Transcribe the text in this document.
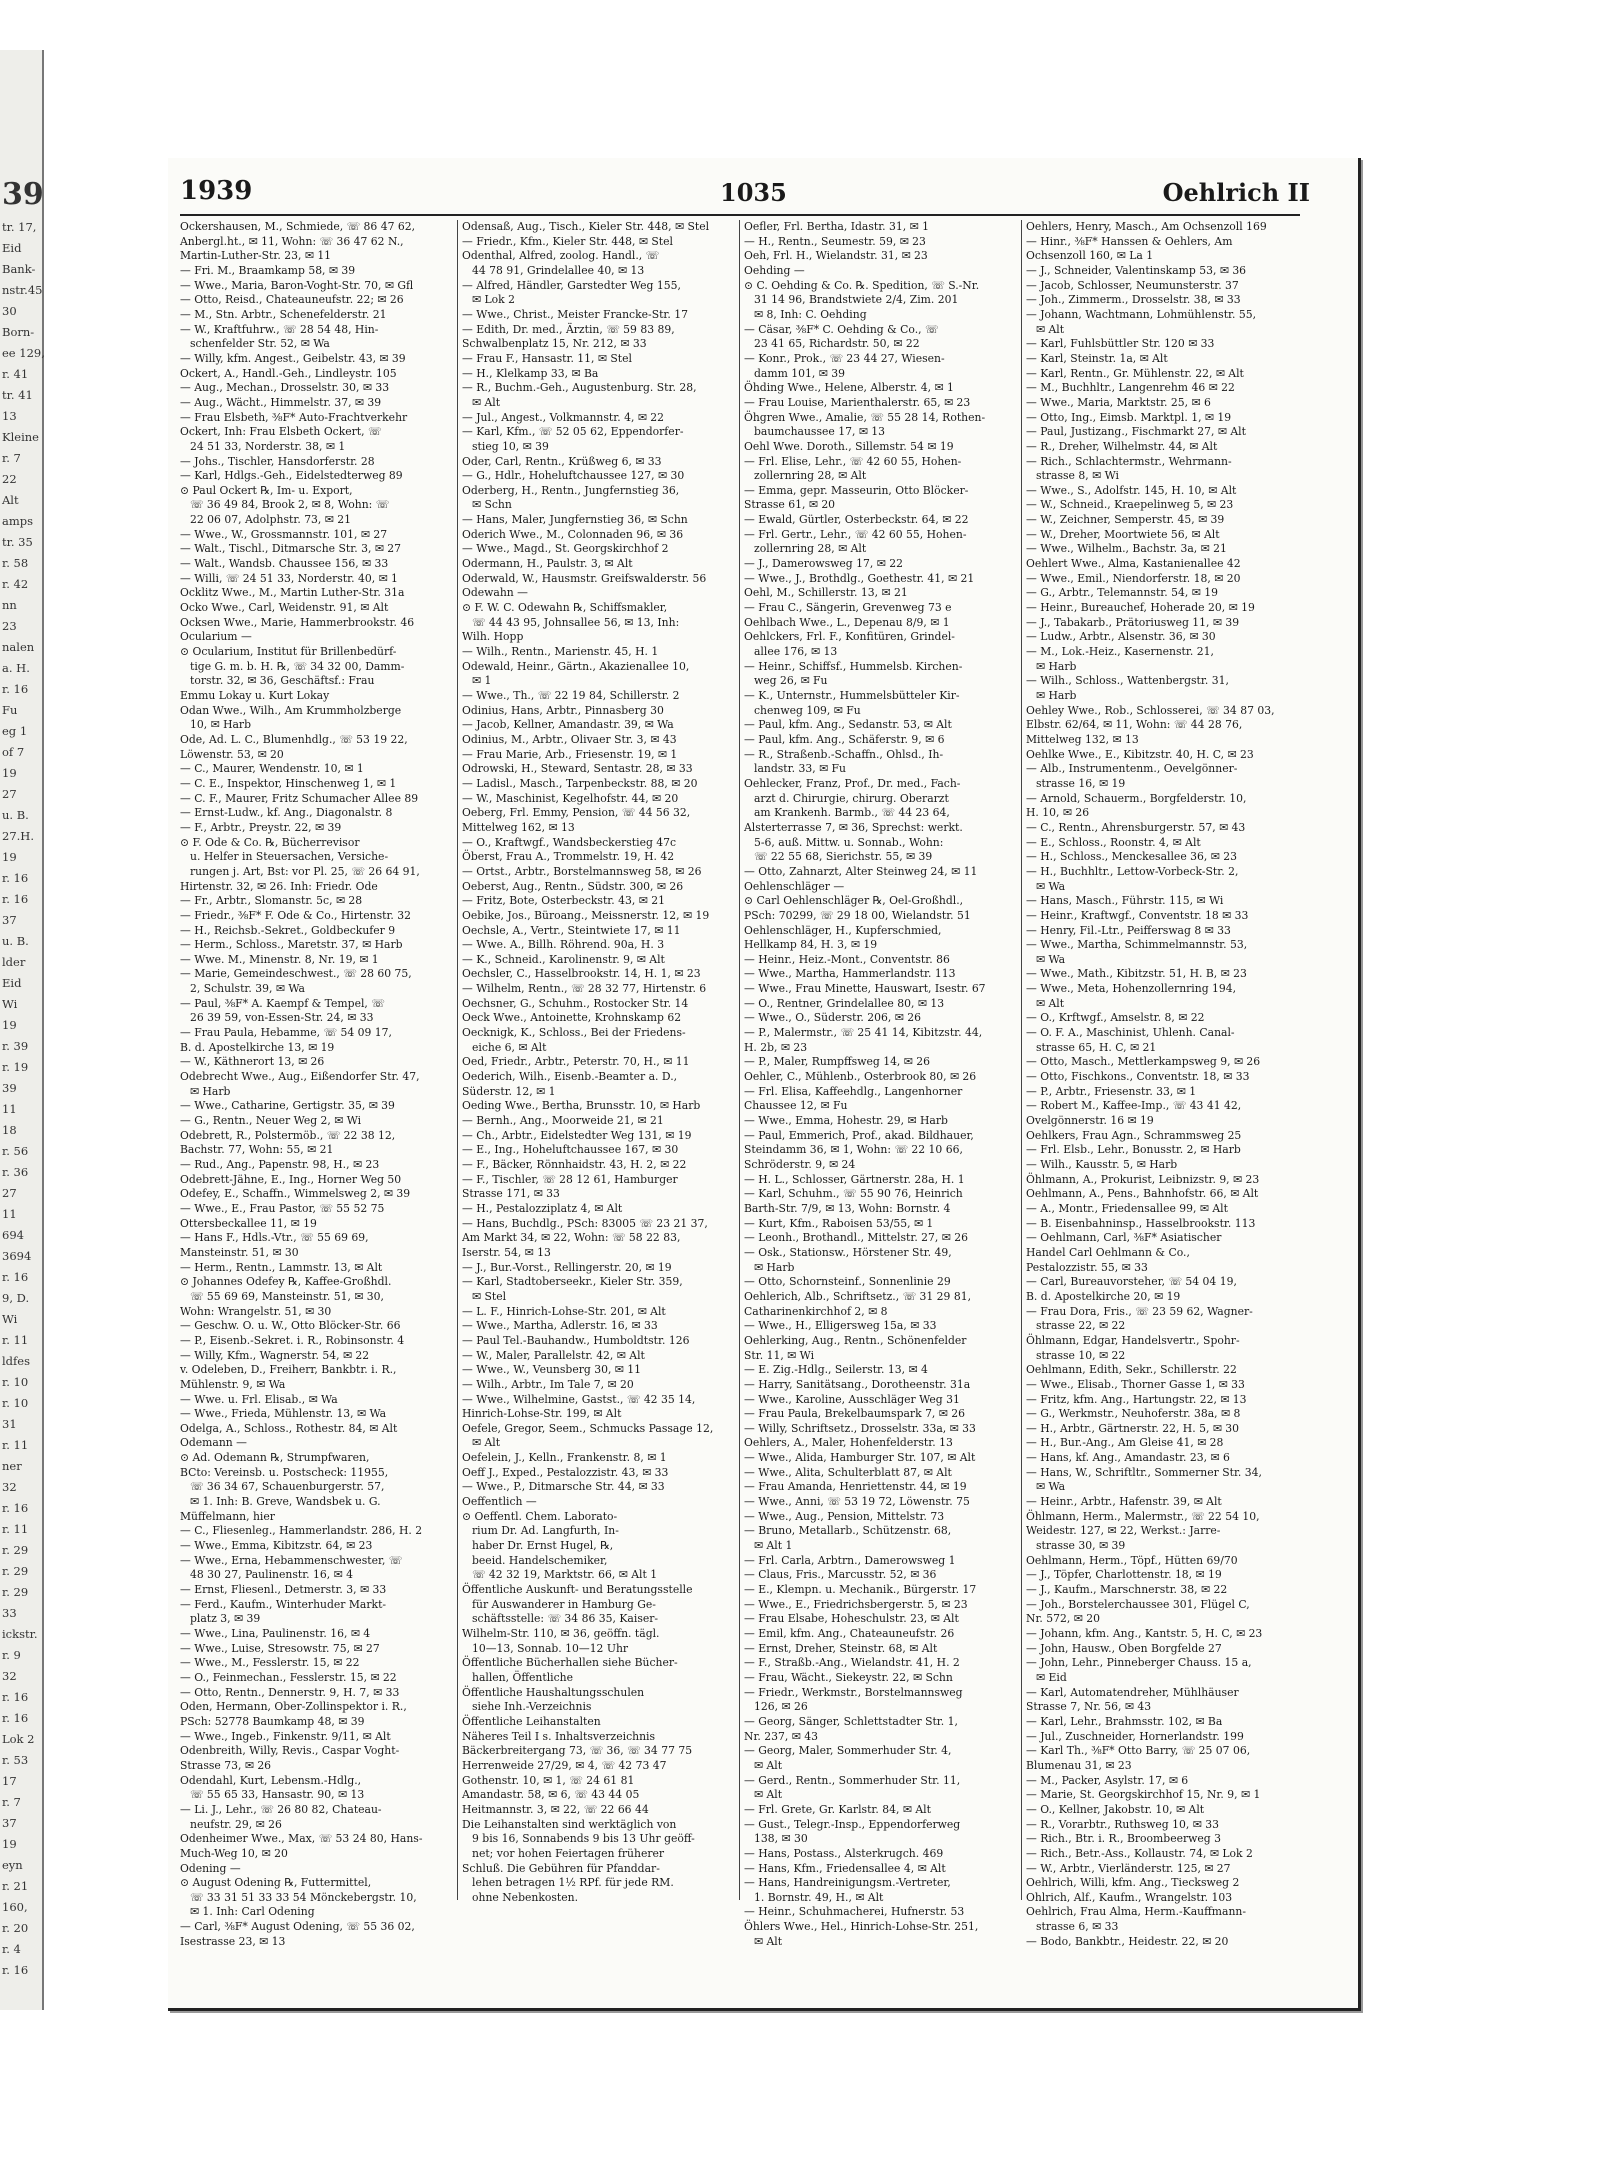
39
tr. 17,
Eid
Bank-
nstr.45
30
Born-
ee 129,
r. 41
tr. 41
13
Kleine
r. 7
22
Alt
amps
tr. 35
r. 58
r. 42
nn
23
nalen
a. H.
r. 16
Fu
eg 1
of 7
19
27
u. B.
27.H.
19
r. 16
r. 16
37
u. B.
lder
Eid
Wi
19
r. 39
r. 19
39
11
18
r. 56
r. 36
27
11
694
3694
r. 16
9, D.
Wi
r. 11
ldfes
r. 10
r. 10
31
r. 11
ner
32
r. 16
r. 11
r. 29
r. 29
r. 29
33
ickstr.
r. 9
32
r. 16
r. 16
Lok 2
r. 53
17
r. 7
37
19
eyn
r. 21
160,
r. 20
r. 4
r. 16
1939	1035	Oehlrich II

Ockershausen, M., Schmiede, ☏ 86 47 62,

Anbergl.ht., ✉ 11, Wohn: ☏ 36 47 62 N.,

Martin-Luther-Str. 23, ✉ 11

— Fri. M., Braamkamp 58, ✉ 39

— Wwe., Maria, Baron-Voght-Str. 70, ✉ Gfl

— Otto, Reisd., Chateauneufstr. 22; ✉ 26

— M., Stn. Arbtr., Schenefelderstr. 21

— W., Kraftfuhrw., ☏ 28 54 48, Hin-

schenfelder Str. 52, ✉ Wa

— Willy, kfm. Angest., Geibelstr. 43, ✉ 39

Ockert, A., Handl.-Geh., Lindleystr. 105

— Aug., Mechan., Drosselstr. 30, ✉ 33

— Aug., Wächt., Himmelstr. 37, ✉ 39

— Frau Elsbeth, ⅜F* Auto-Frachtverkehr

Ockert, Inh: Frau Elsbeth Ockert, ☏

24 51 33, Norderstr. 38, ✉ 1

— Johs., Tischler, Hansdorferstr. 28

— Karl, Hdlgs.-Geh., Eidelstedterweg 89

⊙ Paul Ockert ℞, Im- u. Export,

☏ 36 49 84, Brook 2, ✉ 8, Wohn: ☏

22 06 07, Adolphstr. 73, ✉ 21

— Wwe., W., Grossmannstr. 101, ✉ 27

— Walt., Tischl., Ditmarsche Str. 3, ✉ 27

— Walt., Wandsb. Chaussee 156, ✉ 33

— Willi, ☏ 24 51 33, Norderstr. 40, ✉ 1

Ocklitz Wwe., M., Martin Luther-Str. 31a

Ocko Wwe., Carl, Weidenstr. 91, ✉ Alt

Ocksen Wwe., Marie, Hammerbrookstr. 46

Ocularium —

⊙ Ocularium, Institut für Brillenbedürf-

tige G. m. b. H. ℞, ☏ 34 32 00, Damm-

torstr. 32, ✉ 36, Geschäftsf.: Frau

Emmu Lokay u. Kurt Lokay

Odan Wwe., Wilh., Am Krummholzberge

10, ✉ Harb

Ode, Ad. L. C., Blumenhdlg., ☏ 53 19 22,

Löwenstr. 53, ✉ 20

— C., Maurer, Wendenstr. 10, ✉ 1

— C. E., Inspektor, Hinschenweg 1, ✉ 1

— C. F., Maurer, Fritz Schumacher Allee 89

— Ernst-Ludw., kf. Ang., Diagonalstr. 8

— F., Arbtr., Preystr. 22, ✉ 39

⊙ F. Ode & Co. ℞, Bücherrevisor

u. Helfer in Steuersachen, Versiche-

rungen j. Art, Bst: vor Pl. 25, ☏ 26 64 91,

Hirtenstr. 32, ✉ 26. Inh: Friedr. Ode

— Fr., Arbtr., Slomanstr. 5c, ✉ 28

— Friedr., ⅜F* F. Ode & Co., Hirtenstr. 32

— H., Reichsb.-Sekret., Goldbeckufer 9

— Herm., Schloss., Maretstr. 37, ✉ Harb

— Wwe. M., Minenstr. 8, Nr. 19, ✉ 1

— Marie, Gemeindeschwest., ☏ 28 60 75,

2, Schulstr. 39, ✉ Wa

— Paul, ⅜F* A. Kaempf & Tempel, ☏

26 39 59, von-Essen-Str. 24, ✉ 33

— Frau Paula, Hebamme, ☏ 54 09 17,

B. d. Apostelkirche 13, ✉ 19

— W., Käthnerort 13, ✉ 26

Odebrecht Wwe., Aug., Eißendorfer Str. 47,

✉ Harb

— Wwe., Catharine, Gertigstr. 35, ✉ 39

— G., Rentn., Neuer Weg 2, ✉ Wi

Odebrett, R., Polstermöb., ☏ 22 38 12,

Bachstr. 77, Wohn: 55, ✉ 21

— Rud., Ang., Papenstr. 98, H., ✉ 23

Odebrett-Jähne, E., Ing., Horner Weg 50

Odefey, E., Schaffn., Wimmelsweg 2, ✉ 39

— Wwe., E., Frau Pastor, ☏ 55 52 75

Ottersbeckallee 11, ✉ 19

— Hans F., Hdls.-Vtr., ☏ 55 69 69,

Mansteinstr. 51, ✉ 30

— Herm., Rentn., Lammstr. 13, ✉ Alt

⊙ Johannes Odefey ℞, Kaffee-Großhdl.

☏ 55 69 69, Mansteinstr. 51, ✉ 30,

Wohn: Wrangelstr. 51, ✉ 30

— Geschw. O. u. W., Otto Blöcker-Str. 66

— P., Eisenb.-Sekret. i. R., Robinsonstr. 4

— Willy, Kfm., Wagnerstr. 54, ✉ 22

v. Odeleben, D., Freiherr, Bankbtr. i. R.,

Mühlenstr. 9, ✉ Wa

— Wwe. u. Frl. Elisab., ✉ Wa

— Wwe., Frieda, Mühlenstr. 13, ✉ Wa

Odelga, A., Schloss., Rothestr. 84, ✉ Alt

Odemann —

⊙ Ad. Odemann ℞, Strumpfwaren,

BCto: Vereinsb. u. Postscheck: 11955,

☏ 36 34 67, Schauenburgerstr. 57,

✉ 1. Inh: B. Greve, Wandsbek u. G.

Müffelmann, hier

— C., Fliesenleg., Hammerlandstr. 286, H. 2

— Wwe., Emma, Kibitzstr. 64, ✉ 23

— Wwe., Erna, Hebammenschwester, ☏

48 30 27, Paulinenstr. 16, ✉ 4

— Ernst, Fliesenl., Detmerstr. 3, ✉ 33

— Ferd., Kaufm., Winterhuder Markt-

platz 3, ✉ 39

— Wwe., Lina, Paulinenstr. 16, ✉ 4

— Wwe., Luise, Stresowstr. 75, ✉ 27

— Wwe., M., Fesslerstr. 15, ✉ 22

— O., Feinmechan., Fesslerstr. 15, ✉ 22

— Otto, Rentn., Dennerstr. 9, H. 7, ✉ 33

Oden, Hermann, Ober-Zollinspektor i. R.,

PSch: 52778 Baumkamp 48, ✉ 39

— Wwe., Ingeb., Finkenstr. 9/11, ✉ Alt

Odenbreith, Willy, Revis., Caspar Voght-

Strasse 73, ✉ 26

Odendahl, Kurt, Lebensm.-Hdlg.,

☏ 55 65 33, Hansastr. 90, ✉ 13

— Li. J., Lehr., ☏ 26 80 82, Chateau-

neufstr. 29, ✉ 26

Odenheimer Wwe., Max, ☏ 53 24 80, Hans-

Much-Weg 10, ✉ 20

Odening —

⊙ August Odening ℞, Futtermittel,

☏ 33 31 51 33 33 54 Mönckebergstr. 10,

✉ 1. Inh: Carl Odening

— Carl, ⅜F* August Odening, ☏ 55 36 02,

Isestrasse 23, ✉ 13

Odensaß, Aug., Tisch., Kieler Str. 448, ✉ Stel

— Friedr., Kfm., Kieler Str. 448, ✉ Stel

Odenthal, Alfred, zoolog. Handl., ☏

44 78 91, Grindelallee 40, ✉ 13

— Alfred, Händler, Garstedter Weg 155,

✉ Lok 2

— Wwe., Christ., Meister Francke-Str. 17

— Edith, Dr. med., Ärztin, ☏ 59 83 89,

Schwalbenplatz 15, Nr. 212, ✉ 33

— Frau F., Hansastr. 11, ✉ Stel

— H., Klelkamp 33, ✉ Ba

— R., Buchm.-Geh., Augustenburg. Str. 28,

✉ Alt

— Jul., Angest., Volkmannstr. 4, ✉ 22

— Karl, Kfm., ☏ 52 05 62, Eppendorfer-

stieg 10, ✉ 39

Oder, Carl, Rentn., Krüßweg 6, ✉ 33

— G., Hdlr., Hoheluftchaussee 127, ✉ 30

Oderberg, H., Rentn., Jungfernstieg 36,

✉ Schn

— Hans, Maler, Jungfernstieg 36, ✉ Schn

Oderich Wwe., M., Colonnaden 96, ✉ 36

— Wwe., Magd., St. Georgskirchhof 2

Odermann, H., Paulstr. 3, ✉ Alt

Oderwald, W., Hausmstr. Greifswalderstr. 56

Odewahn —

⊙ F. W. C. Odewahn ℞, Schiffsmakler,

☏ 44 43 95, Johnsallee 56, ✉ 13, Inh:

Wilh. Hopp

— Wilh., Rentn., Marienstr. 45, H. 1

Odewald, Heinr., Gärtn., Akazienallee 10,

✉ 1

— Wwe., Th., ☏ 22 19 84, Schillerstr. 2

Odinius, Hans, Arbtr., Pinnasberg 30

— Jacob, Kellner, Amandastr. 39, ✉ Wa

Odinius, M., Arbtr., Olivaer Str. 3, ✉ 43

— Frau Marie, Arb., Friesenstr. 19, ✉ 1

Odrowski, H., Steward, Sentastr. 28, ✉ 33

— Ladisl., Masch., Tarpenbeckstr. 88, ✉ 20

— W., Maschinist, Kegelhofstr. 44, ✉ 20

Oeberg, Frl. Emmy, Pension, ☏ 44 56 32,

Mittelweg 162, ✉ 13

— O., Kraftwgf., Wandsbeckerstieg 47c

Öberst, Frau A., Trommelstr. 19, H. 42

— Ortst., Arbtr., Borstelmannsweg 58, ✉ 26

Oeberst, Aug., Rentn., Südstr. 300, ✉ 26

— Fritz, Bote, Osterbeckstr. 43, ✉ 21

Oebike, Jos., Büroang., Meissnerstr. 12, ✉ 19

Oechsle, A., Vertr., Steintwiete 17, ✉ 11

— Wwe. A., Billh. Röhrend. 90a, H. 3

— K., Schneid., Karolinenstr. 9, ✉ Alt

Oechsler, C., Hasselbrookstr. 14, H. 1, ✉ 23

— Wilhelm, Rentn., ☏ 28 32 77, Hirtenstr. 6

Oechsner, G., Schuhm., Rostocker Str. 14

Oeck Wwe., Antoinette, Krohnskamp 62

Oecknigk, K., Schloss., Bei der Friedens-

eiche 6, ✉ Alt

Oed, Friedr., Arbtr., Peterstr. 70, H., ✉ 11

Oederich, Wilh., Eisenb.-Beamter a. D.,

Süderstr. 12, ✉ 1

Oeding Wwe., Bertha, Brunsstr. 10, ✉ Harb

— Bernh., Ang., Moorweide 21, ✉ 21

— Ch., Arbtr., Eidelstedter Weg 131, ✉ 19

— E., Ing., Hoheluftchaussee 167, ✉ 30

— F., Bäcker, Rönnhaidstr. 43, H. 2, ✉ 22

— F., Tischler, ☏ 28 12 61, Hamburger

Strasse 171, ✉ 33

— H., Pestalozziplatz 4, ✉ Alt

— Hans, Buchdlg., PSch: 83005 ☏ 23 21 37,

Am Markt 34, ✉ 22, Wohn: ☏ 58 22 83,

Iserstr. 54, ✉ 13

— J., Bur.-Vorst., Rellingerstr. 20, ✉ 19

— Karl, Stadtoberseekr., Kieler Str. 359,

✉ Stel

— L. F., Hinrich-Lohse-Str. 201, ✉ Alt

— Wwe., Martha, Adlerstr. 16, ✉ 33

— Paul Tel.-Bauhandw., Humboldtstr. 126

— W., Maler, Parallelstr. 42, ✉ Alt

— Wwe., W., Veunsberg 30, ✉ 11

— Wilh., Arbtr., Im Tale 7, ✉ 20

— Wwe., Wilhelmine, Gastst., ☏ 42 35 14,

Hinrich-Lohse-Str. 199, ✉ Alt

Oefele, Gregor, Seem., Schmucks Passage 12,

✉ Alt

Oefelein, J., Kelln., Frankenstr. 8, ✉ 1

Oeff J., Exped., Pestalozzistr. 43, ✉ 33

— Wwe., P., Ditmarsche Str. 44, ✉ 33

Oeffentlich —

⊙ Oeffentl. Chem. Laborato-

rium Dr. Ad. Langfurth, In-

haber Dr. Ernst Hugel, ℞,

beeid. Handelschemiker,

☏ 42 32 19, Marktstr. 66, ✉ Alt 1

Öffentliche Auskunft- und Beratungsstelle

für Auswanderer in Hamburg Ge-

schäftsstelle: ☏ 34 86 35, Kaiser-

Wilhelm-Str. 110, ✉ 36, geöffn. tägl.

10—13, Sonnab. 10—12 Uhr

Öffentliche Bücherhallen siehe Bücher-

hallen, Öffentliche

Öffentliche Haushaltungsschulen

siehe Inh.-Verzeichnis

Öffentliche Leihanstalten

Näheres Teil I s. Inhaltsverzeichnis

Bäckerbreitergang 73, ☏ 36, ☏ 34 77 75

Herrenweide 27/29, ✉ 4, ☏ 42 73 47

Gothenstr. 10, ✉ 1, ☏ 24 61 81

Amandastr. 58, ✉ 6, ☏ 43 44 05

Heitmannstr. 3, ✉ 22, ☏ 22 66 44

Die Leihanstalten sind werktäglich von

9 bis 16, Sonnabends 9 bis 13 Uhr geöff-

net; vor hohen Feiertagen früherer

Schluß. Die Gebühren für Pfanddar-

lehen betragen 1½ RPf. für jede RM.

ohne Nebenkosten.

Oefler, Frl. Bertha, Idastr. 31, ✉ 1

— H., Rentn., Seumestr. 59, ✉ 23

Oeh, Frl. H., Wielandstr. 31, ✉ 23

Oehding —

⊙ C. Oehding & Co. ℞. Spedition, ☏ S.-Nr.

31 14 96, Brandstwiete 2/4, Zim. 201

✉ 8, Inh: C. Oehding

— Cäsar, ⅜F* C. Oehding & Co., ☏

23 41 65, Richardstr. 50, ✉ 22

— Konr., Prok., ☏ 23 44 27, Wiesen-

damm 101, ✉ 39

Öhding Wwe., Helene, Alberstr. 4, ✉ 1

— Frau Louise, Marienthalerstr. 65, ✉ 23

Öhgren Wwe., Amalie, ☏ 55 28 14, Rothen-

baumchaussee 17, ✉ 13

Oehl Wwe. Doroth., Sillemstr. 54 ✉ 19

— Frl. Elise, Lehr., ☏ 42 60 55, Hohen-

zollernring 28, ✉ Alt

— Emma, gepr. Masseurin, Otto Blöcker-

Strasse 61, ✉ 20

— Ewald, Gürtler, Osterbeckstr. 64, ✉ 22

— Frl. Gertr., Lehr., ☏ 42 60 55, Hohen-

zollernring 28, ✉ Alt

— J., Damerowsweg 17, ✉ 22

— Wwe., J., Brothdlg., Goethestr. 41, ✉ 21

Oehl, M., Schillerstr. 13, ✉ 21

— Frau C., Sängerin, Grevenweg 73 e

Oehlbach Wwe., L., Depenau 8/9, ✉ 1

Oehlckers, Frl. F., Konfitüren, Grindel-

allee 176, ✉ 13

— Heinr., Schiffsf., Hummelsb. Kirchen-

weg 26, ✉ Fu

— K., Unternstr., Hummelsbütteler Kir-

chenweg 109, ✉ Fu

— Paul, kfm. Ang., Sedanstr. 53, ✉ Alt

— Paul, kfm. Ang., Schäferstr. 9, ✉ 6

— R., Straßenb.-Schaffn., Ohlsd., Ih-

landstr. 33, ✉ Fu

Oehlecker, Franz, Prof., Dr. med., Fach-

arzt d. Chirurgie, chirurg. Oberarzt

am Krankenh. Barmb., ☏ 44 23 64,

Alsterterrasse 7, ✉ 36, Sprechst: werkt.

5-6, auß. Mittw. u. Sonnab., Wohn:

☏ 22 55 68, Sierichstr. 55, ✉ 39

— Otto, Zahnarzt, Alter Steinweg 24, ✉ 11

Oehlenschläger —

⊙ Carl Oehlenschläger ℞, Oel-Großhdl.,

PSch: 70299, ☏ 29 18 00, Wielandstr. 51

Oehlenschläger, H., Kupferschmied,

Hellkamp 84, H. 3, ✉ 19

— Heinr., Heiz.-Mont., Conventstr. 86

— Wwe., Martha, Hammerlandstr. 113

— Wwe., Frau Minette, Hauswart, Isestr. 67

— O., Rentner, Grindelallee 80, ✉ 13

— Wwe., O., Süderstr. 206, ✉ 26

— P., Malermstr., ☏ 25 41 14, Kibitzstr. 44,

H. 2b, ✉ 23

— P., Maler, Rumpffsweg 14, ✉ 26

Oehler, C., Mühlenb., Osterbrook 80, ✉ 26

— Frl. Elisa, Kaffeehdlg., Langenhorner

Chaussee 12, ✉ Fu

— Wwe., Emma, Hohestr. 29, ✉ Harb

— Paul, Emmerich, Prof., akad. Bildhauer,

Steindamm 36, ✉ 1, Wohn: ☏ 22 10 66,

Schröderstr. 9, ✉ 24

— H. L., Schlosser, Gärtnerstr. 28a, H. 1

— Karl, Schuhm., ☏ 55 90 76, Heinrich

Barth-Str. 7/9, ✉ 13, Wohn: Bornstr. 4

— Kurt, Kfm., Raboisen 53/55, ✉ 1

— Leonh., Brothandl., Mittelstr. 27, ✉ 26

— Osk., Stationsw., Hörstener Str. 49,

✉ Harb

— Otto, Schornsteinf., Sonnenlinie 29

Oehlerich, Alb., Schriftsetz., ☏ 31 29 81,

Catharinenkirchhof 2, ✉ 8

— Wwe., H., Elligersweg 15a, ✉ 33

Oehlerking, Aug., Rentn., Schönenfelder

Str. 11, ✉ Wi

— E. Zig.-Hdlg., Seilerstr. 13, ✉ 4

— Harry, Sanitätsang., Dorotheenstr. 31a

— Wwe., Karoline, Ausschläger Weg 31

— Frau Paula, Brekelbaumspark 7, ✉ 26

— Willy, Schriftsetz., Drosselstr. 33a, ✉ 33

Oehlers, A., Maler, Hohenfelderstr. 13

— Wwe., Alida, Hamburger Str. 107, ✉ Alt

— Wwe., Alita, Schulterblatt 87, ✉ Alt

— Frau Amanda, Henriettenstr. 44, ✉ 19

— Wwe., Anni, ☏ 53 19 72, Löwenstr. 75

— Wwe., Aug., Pension, Mittelstr. 73

— Bruno, Metallarb., Schützenstr. 68,

✉ Alt 1

— Frl. Carla, Arbtrn., Damerowsweg 1

— Claus, Fris., Marcusstr. 52, ✉ 36

— E., Klempn. u. Mechanik., Bürgerstr. 17

— Wwe., E., Friedrichsbergerstr. 5, ✉ 23

— Frau Elsabe, Hoheschulstr. 23, ✉ Alt

— Emil, kfm. Ang., Chateauneufstr. 26

— Ernst, Dreher, Steinstr. 68, ✉ Alt

— F., Straßb.-Ang., Wielandstr. 41, H. 2

— Frau, Wächt., Siekeystr. 22, ✉ Schn

— Friedr., Werkmstr., Borstelmannsweg

126, ✉ 26

— Georg, Sänger, Schlettstadter Str. 1,

Nr. 237, ✉ 43

— Georg, Maler, Sommerhuder Str. 4,

✉ Alt

— Gerd., Rentn., Sommerhuder Str. 11,

✉ Alt

— Frl. Grete, Gr. Karlstr. 84, ✉ Alt

— Gust., Telegr.-Insp., Eppendorferweg

138, ✉ 30

— Hans, Postass., Alsterkrugch. 469

— Hans, Kfm., Friedensallee 4, ✉ Alt

— Hans, Handreinigungsm.-Vertreter,

1. Bornstr. 49, H., ✉ Alt

— Heinr., Schuhmacherei, Hufnerstr. 53

Öhlers Wwe., Hel., Hinrich-Lohse-Str. 251,

✉ Alt

Oehlers, Henry, Masch., Am Ochsenzoll 169

— Hinr., ⅜F* Hanssen & Oehlers, Am

Ochsenzoll 160, ✉ La 1

— J., Schneider, Valentinskamp 53, ✉ 36

— Jacob, Schlosser, Neumunsterstr. 37

— Joh., Zimmerm., Drosselstr. 38, ✉ 33

— Johann, Wachtmann, Lohmühlenstr. 55,

✉ Alt

— Karl, Fuhlsbüttler Str. 120 ✉ 33

— Karl, Steinstr. 1a, ✉ Alt

— Karl, Rentn., Gr. Mühlenstr. 22, ✉ Alt

— M., Buchhltr., Langenrehm 46 ✉ 22

— Wwe., Maria, Marktstr. 25, ✉ 6

— Otto, Ing., Eimsb. Marktpl. 1, ✉ 19

— Paul, Justizang., Fischmarkt 27, ✉ Alt

— R., Dreher, Wilhelmstr. 44, ✉ Alt

— Rich., Schlachtermstr., Wehrmann-

strasse 8, ✉ Wi

— Wwe., S., Adolfstr. 145, H. 10, ✉ Alt

— W., Schneid., Kraepelinweg 5, ✉ 23

— W., Zeichner, Semperstr. 45, ✉ 39

— W., Dreher, Moortwiete 56, ✉ Alt

— Wwe., Wilhelm., Bachstr. 3a, ✉ 21

Oehlert Wwe., Alma, Kastanienallee 42

— Wwe., Emil., Niendorferstr. 18, ✉ 20

— G., Arbtr., Telemannstr. 54, ✉ 19

— Heinr., Bureauchef, Hoherade 20, ✉ 19

— J., Tabakarb., Prätoriusweg 11, ✉ 39

— Ludw., Arbtr., Alsenstr. 36, ✉ 30

— M., Lok.-Heiz., Kasernenstr. 21,

✉ Harb

— Wilh., Schloss., Wattenbergstr. 31,

✉ Harb

Oehley Wwe., Rob., Schlosserei, ☏ 34 87 03,

Elbstr. 62/64, ✉ 11, Wohn: ☏ 44 28 76,

Mittelweg 132, ✉ 13

Oehlke Wwe., E., Kibitzstr. 40, H. C, ✉ 23

— Alb., Instrumentenm., Oevelgönner-

strasse 16, ✉ 19

— Arnold, Schauerm., Borgfelderstr. 10,

H. 10, ✉ 26

— C., Rentn., Ahrensburgerstr. 57, ✉ 43

— E., Schloss., Roonstr. 4, ✉ Alt

— H., Schloss., Menckesallee 36, ✉ 23

— H., Buchhltr., Lettow-Vorbeck-Str. 2,

✉ Wa

— Hans, Masch., Führstr. 115, ✉ Wi

— Heinr., Kraftwgf., Conventstr. 18 ✉ 33

— Henry, Fil.-Ltr., Peifferswag 8 ✉ 33

— Wwe., Martha, Schimmelmannstr. 53,

✉ Wa

— Wwe., Math., Kibitzstr. 51, H. B, ✉ 23

— Wwe., Meta, Hohenzollernring 194,

✉ Alt

— O., Krftwgf., Amselstr. 8, ✉ 22

— O. F. A., Maschinist, Uhlenh. Canal-

strasse 65, H. C, ✉ 21

— Otto, Masch., Mettlerkampsweg 9, ✉ 26

— Otto, Fischkons., Conventstr. 18, ✉ 33

— P., Arbtr., Friesenstr. 33, ✉ 1

— Robert M., Kaffee-Imp., ☏ 43 41 42,

Ovelgönnerstr. 16 ✉ 19

Oehlkers, Frau Agn., Schrammsweg 25

— Frl. Elsb., Lehr., Bonusstr. 2, ✉ Harb

— Wilh., Kausstr. 5, ✉ Harb

Öhlmann, A., Prokurist, Leibnizstr. 9, ✉ 23

Oehlmann, A., Pens., Bahnhofstr. 66, ✉ Alt

— A., Montr., Friedensallee 99, ✉ Alt

— B. Eisenbahninsp., Hasselbrookstr. 113

— Oehlmann, Carl, ⅜F* Asiatischer

Handel Carl Oehlmann & Co.,

Pestalozzistr. 55, ✉ 33

— Carl, Bureauvorsteher, ☏ 54 04 19,

B. d. Apostelkirche 20, ✉ 19

— Frau Dora, Fris., ☏ 23 59 62, Wagner-

strasse 22, ✉ 22

Öhlmann, Edgar, Handelsvertr., Spohr-

strasse 10, ✉ 22

Oehlmann, Edith, Sekr., Schillerstr. 22

— Wwe., Elisab., Thorner Gasse 1, ✉ 33

— Fritz, kfm. Ang., Hartungstr. 22, ✉ 13

— G., Werkmstr., Neuhoferstr. 38a, ✉ 8

— H., Arbtr., Gärtnerstr. 22, H. 5, ✉ 30

— H., Bur.-Ang., Am Gleise 41, ✉ 28

— Hans, kf. Ang., Amandastr. 23, ✉ 6

— Hans, W., Schriftltr., Sommerner Str. 34,

✉ Wa

— Heinr., Arbtr., Hafenstr. 39, ✉ Alt

Öhlmann, Herm., Malermstr., ☏ 22 54 10,

Weidestr. 127, ✉ 22, Werkst.: Jarre-

strasse 30, ✉ 39

Oehlmann, Herm., Töpf., Hütten 69/70

— J., Töpfer, Charlottenstr. 18, ✉ 19

— J., Kaufm., Marschnerstr. 38, ✉ 22

— Joh., Borstelerchaussee 301, Flügel C,

Nr. 572, ✉ 20

— Johann, kfm. Ang., Kantstr. 5, H. C, ✉ 23

— John, Hausw., Oben Borgfelde 27

— John, Lehr., Pinneberger Chauss. 15 a,

✉ Eid

— Karl, Automatendreher, Mühlhäuser

Strasse 7, Nr. 56, ✉ 43

— Karl, Lehr., Brahmsstr. 102, ✉ Ba

— Jul., Zuschneider, Hornerlandstr. 199

— Karl Th., ⅜F* Otto Barry, ☏ 25 07 06,

Blumenau 31, ✉ 23

— M., Packer, Asylstr. 17, ✉ 6

— Marie, St. Georgskirchhof 15, Nr. 9, ✉ 1

— O., Kellner, Jakobstr. 10, ✉ Alt

— R., Vorarbtr., Ruthsweg 10, ✉ 33

— Rich., Btr. i. R., Broombeerweg 3

— Rich., Betr.-Ass., Kollaustr. 74, ✉ Lok 2

— W., Arbtr., Vierländerstr. 125, ✉ 27

Oehlrich, Willi, kfm. Ang., Tiecksweg 2

Ohlrich, Alf., Kaufm., Wrangelstr. 103

Oehlrich, Frau Alma, Herm.-Kauffmann-

strasse 6, ✉ 33

— Bodo, Bankbtr., Heidestr. 22, ✉ 20
